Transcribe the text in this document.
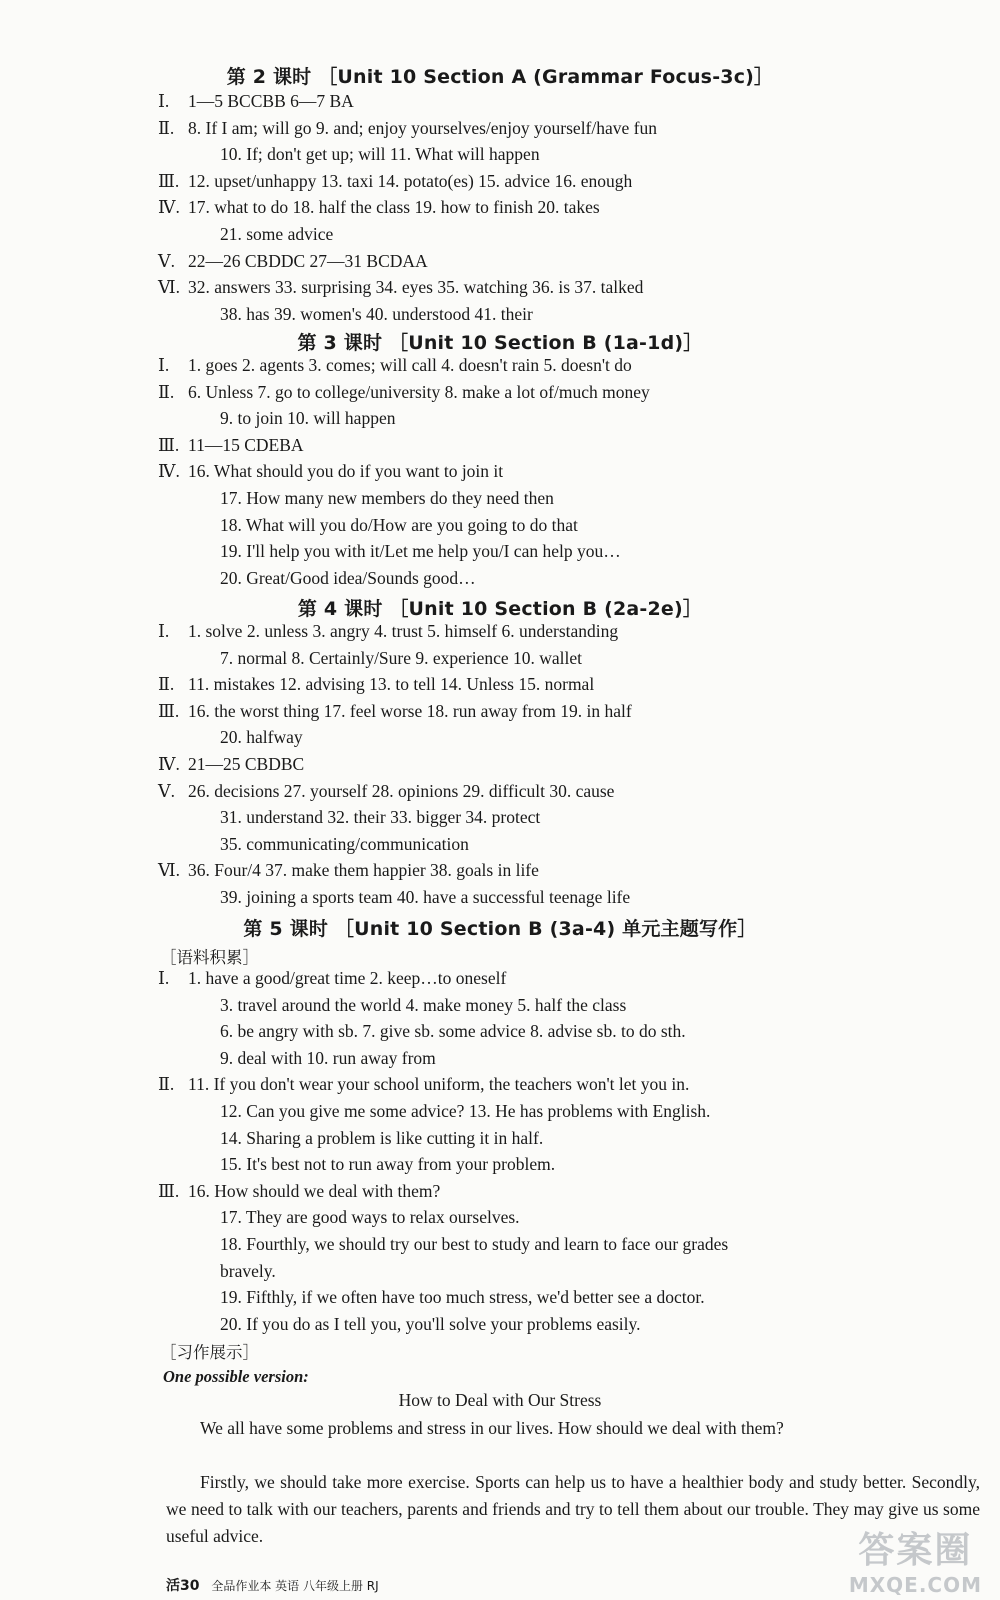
第 2 课时 ［Unit 10 Section A (Grammar Focus-3c)］
Ⅰ. 1—5 BCCBB 6—7 BA
Ⅱ. 8. If I am; will go 9. and; enjoy yourselves/enjoy yourself/have fun
10. If; don't get up; will 11. What will happen
Ⅲ. 12. upset/unhappy 13. taxi 14. potato(es) 15. advice 16. enough
Ⅳ. 17. what to do 18. half the class 19. how to finish 20. takes
21. some advice
Ⅴ. 22—26 CBDDC 27—31 BCDAA
Ⅵ. 32. answers 33. surprising 34. eyes 35. watching 36. is 37. talked
38. has 39. women's 40. understood 41. their
第 3 课时 ［Unit 10 Section B (1a-1d)］
Ⅰ. 1. goes 2. agents 3. comes; will call 4. doesn't rain 5. doesn't do
Ⅱ. 6. Unless 7. go to college/university 8. make a lot of/much money
9. to join 10. will happen
Ⅲ. 11—15 CDEBA
Ⅳ. 16. What should you do if you want to join it
17. How many new members do they need then
18. What will you do/How are you going to do that
19. I'll help you with it/Let me help you/I can help you…
20. Great/Good idea/Sounds good…
第 4 课时 ［Unit 10 Section B (2a-2e)］
Ⅰ. 1. solve 2. unless 3. angry 4. trust 5. himself 6. understanding
7. normal 8. Certainly/Sure 9. experience 10. wallet
Ⅱ. 11. mistakes 12. advising 13. to tell 14. Unless 15. normal
Ⅲ. 16. the worst thing 17. feel worse 18. run away from 19. in half
20. halfway
Ⅳ. 21—25 CBDBC
Ⅴ. 26. decisions 27. yourself 28. opinions 29. difficult 30. cause
31. understand 32. their 33. bigger 34. protect
35. communicating/communication
Ⅵ. 36. Four/4 37. make them happier 38. goals in life
39. joining a sports team 40. have a successful teenage life
第 5 课时 ［Unit 10 Section B (3a-4) 单元主题写作］
［语料积累］
Ⅰ. 1. have a good/great time 2. keep…to oneself
3. travel around the world 4. make money 5. half the class
6. be angry with sb. 7. give sb. some advice 8. advise sb. to do sth.
9. deal with 10. run away from
Ⅱ. 11. If you don't wear your school uniform, the teachers won't let you in.
12. Can you give me some advice? 13. He has problems with English.
14. Sharing a problem is like cutting it in half.
15. It's best not to run away from your problem.
Ⅲ. 16. How should we deal with them?
17. They are good ways to relax ourselves.
18. Fourthly, we should try our best to study and learn to face our grades
bravely.
19. Fifthly, if we often have too much stress, we'd better see a doctor.
20. If you do as I tell you, you'll solve your problems easily.
［习作展示］
One possible version:
How to Deal with Our Stress
We all have some problems and stress in our lives. How should we deal with them?
Firstly, we should take more exercise. Sports can help us to have a healthier body and study better. Secondly, we need to talk with our teachers, parents and friends and try to tell them about our trouble. They may give us some useful advice.
活30 全品作业本 英语 八年级上册 RJ
答案圈
MXQE.COM
